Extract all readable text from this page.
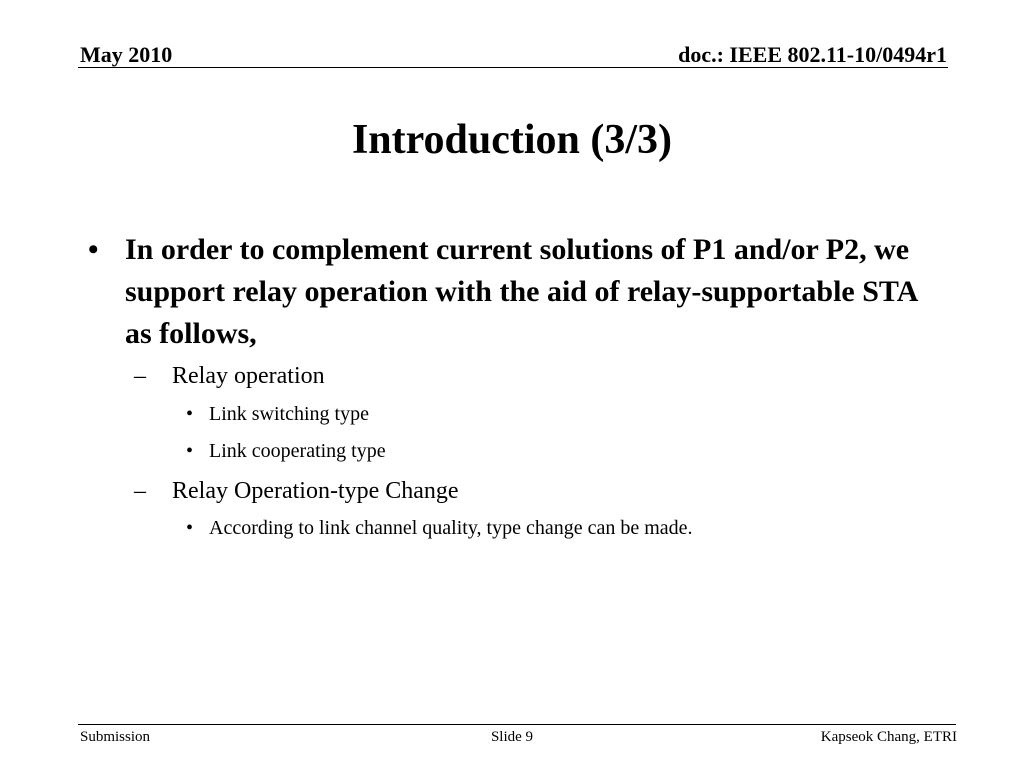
May 2010	doc.: IEEE 802.11-10/0494r1
Introduction (3/3)
• In order to complement current solutions of P1 and/or P2, we support relay operation with the aid of relay-supportable STA as follows,
– Relay operation
• Link switching type
• Link cooperating type
– Relay Operation-type Change
• According to link channel quality, type change can be made.
Submission	Slide 9	Kapseok Chang, ETRI
